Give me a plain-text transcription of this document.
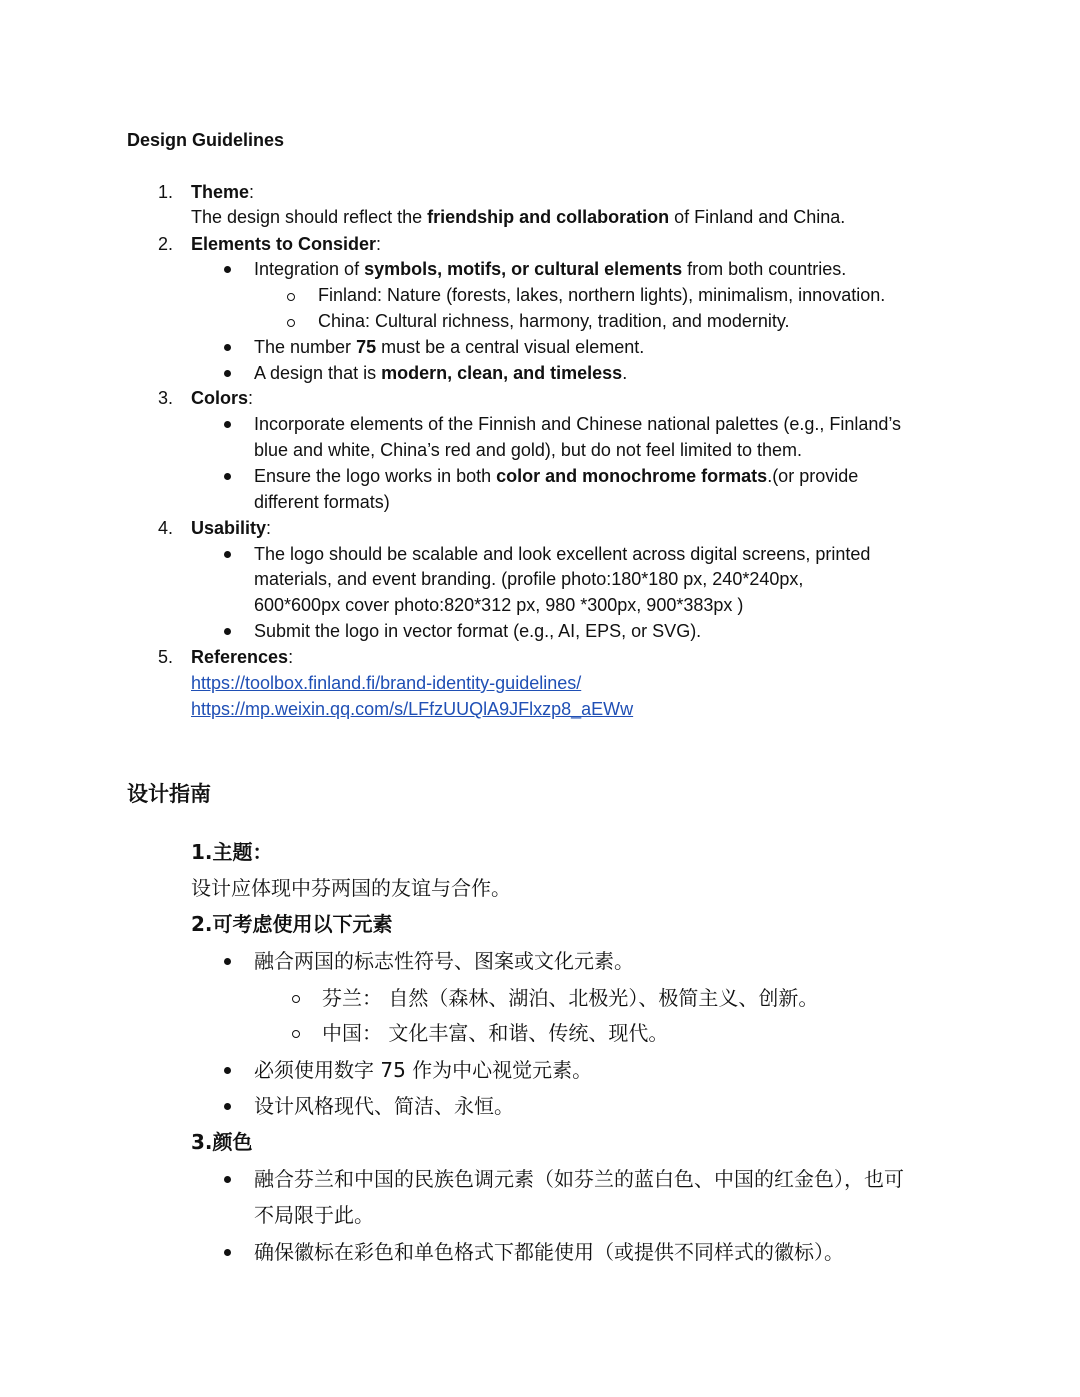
Design Guidelines
1. Theme:
The design should reflect the friendship and collaboration of Finland and China.
2. Elements to Consider:
Integration of symbols, motifs, or cultural elements from both countries.
Finland: Nature (forests, lakes, northern lights), minimalism, innovation.
China: Cultural richness, harmony, tradition, and modernity.
The number 75 must be a central visual element.
A design that is modern, clean, and timeless.
3. Colors:
Incorporate elements of the Finnish and Chinese national palettes (e.g., Finland’s
blue and white, China’s red and gold), but do not feel limited to them.
Ensure the logo works in both color and monochrome formats.(or provide
different formats)
4. Usability:
The logo should be scalable and look excellent across digital screens, printed
materials, and event branding. (profile photo:180*180 px, 240*240px,
600*600px cover photo:820*312 px, 980 *300px, 900*383px )
Submit the logo in vector format (e.g., AI, EPS, or SVG).
5. References:
https://toolbox.finland.fi/brand-identity-guidelines/
https://mp.weixin.qq.com/s/LFfzUUQlA9JFlxzp8_aEWw
设计指南
1.主题：
设计应体现中芬两国的友谊与合作。
2.可考虑使用以下元素
融合两国的标志性符号、图案或文化元素。
芬兰： 自然（森林、湖泊、北极光）、极简主义、创新。
中国： 文化丰富、和谐、传统、现代。
必须使用数字 75 作为中心视觉元素。
设计风格现代、简洁、永恒。
3.颜色
融合芬兰和中国的民族色调元素（如芬兰的蓝白色、中国的红金色），也可
不局限于此。
确保徽标在彩色和单色格式下都能使用（或提供不同样式的徽标）。
